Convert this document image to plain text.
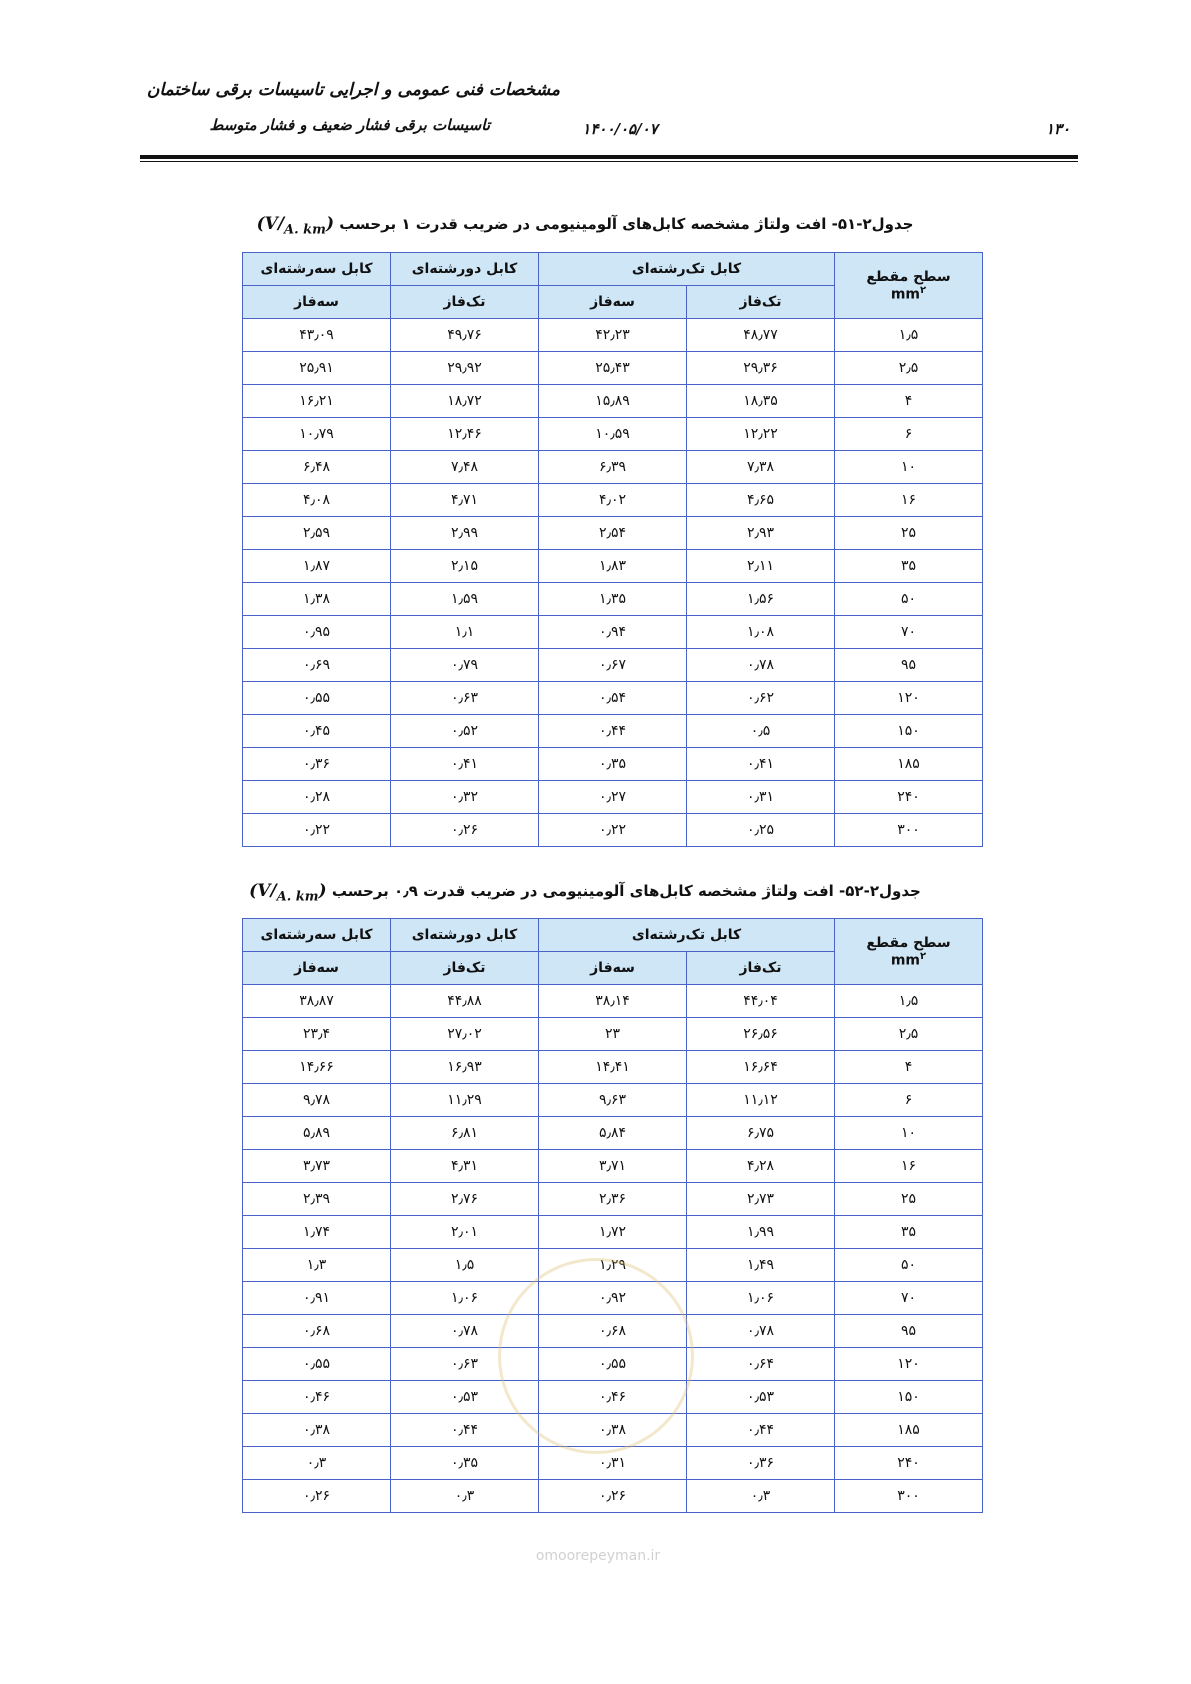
مشخصات فنی عمومی و اجرایی تاسیسات برقی ساختمان
تاسیسات برقی فشار ضعیف و فشار متوسط	۱۴۰۰/۰۵/۰۷	۱۳۰
جدول۲-۵۱- افت ولتاژ مشخصه کابل‌های آلومینیومی در ضریب قدرت ۱ برحسب $(V/_{A. km})$
سطح مقطع
$mm^۲$	کابل تک‌رشته‌ای		کابل دورشته‌ای	کابل سه‌رشته‌ای
	تک‌فاز	سه‌فاز	تک‌فاز	سه‌فاز
۱٫۵	۴۸٫۷۷	۴۲٫۲۳	۴۹٫۷۶	۴۳٫۰۹
۲٫۵	۲۹٫۳۶	۲۵٫۴۳	۲۹٫۹۲	۲۵٫۹۱
۴	۱۸٫۳۵	۱۵٫۸۹	۱۸٫۷۲	۱۶٫۲۱
۶	۱۲٫۲۲	۱۰٫۵۹	۱۲٫۴۶	۱۰٫۷۹
۱۰	۷٫۳۸	۶٫۳۹	۷٫۴۸	۶٫۴۸
۱۶	۴٫۶۵	۴٫۰۲	۴٫۷۱	۴٫۰۸
۲۵	۲٫۹۳	۲٫۵۴	۲٫۹۹	۲٫۵۹
۳۵	۲٫۱۱	۱٫۸۳	۲٫۱۵	۱٫۸۷
۵۰	۱٫۵۶	۱٫۳۵	۱٫۵۹	۱٫۳۸
۷۰	۱٫۰۸	۰٫۹۴	۱٫۱	۰٫۹۵
۹۵	۰٫۷۸	۰٫۶۷	۰٫۷۹	۰٫۶۹
۱۲۰	۰٫۶۲	۰٫۵۴	۰٫۶۳	۰٫۵۵
۱۵۰	۰٫۵	۰٫۴۴	۰٫۵۲	۰٫۴۵
۱۸۵	۰٫۴۱	۰٫۳۵	۰٫۴۱	۰٫۳۶
۲۴۰	۰٫۳۱	۰٫۲۷	۰٫۳۲	۰٫۲۸
۳۰۰	۰٫۲۵	۰٫۲۲	۰٫۲۶	۰٫۲۲
جدول۲-۵۲- افت ولتاژ مشخصه کابل‌های آلومینیومی در ضریب قدرت ۰٫۹ برحسب $(V/_{A. km})$
سطح مقطع
$mm^۲$	کابل تک‌رشته‌ای		کابل دورشته‌ای	کابل سه‌رشته‌ای
	تک‌فاز	سه‌فاز	تک‌فاز	سه‌فاز
۱٫۵	۴۴٫۰۴	۳۸٫۱۴	۴۴٫۸۸	۳۸٫۸۷
۲٫۵	۲۶٫۵۶	۲۳	۲۷٫۰۲	۲۳٫۴
۴	۱۶٫۶۴	۱۴٫۴۱	۱۶٫۹۳	۱۴٫۶۶
۶	۱۱٫۱۲	۹٫۶۳	۱۱٫۲۹	۹٫۷۸
۱۰	۶٫۷۵	۵٫۸۴	۶٫۸۱	۵٫۸۹
۱۶	۴٫۲۸	۳٫۷۱	۴٫۳۱	۳٫۷۳
۲۵	۲٫۷۳	۲٫۳۶	۲٫۷۶	۲٫۳۹
۳۵	۱٫۹۹	۱٫۷۲	۲٫۰۱	۱٫۷۴
۵۰	۱٫۴۹	۱٫۲۹	۱٫۵	۱٫۳
۷۰	۱٫۰۶	۰٫۹۲	۱٫۰۶	۰٫۹۱
۹۵	۰٫۷۸	۰٫۶۸	۰٫۷۸	۰٫۶۸
۱۲۰	۰٫۶۴	۰٫۵۵	۰٫۶۳	۰٫۵۵
۱۵۰	۰٫۵۳	۰٫۴۶	۰٫۵۳	۰٫۴۶
۱۸۵	۰٫۴۴	۰٫۳۸	۰٫۴۴	۰٫۳۸
۲۴۰	۰٫۳۶	۰٫۳۱	۰٫۳۵	۰٫۳
۳۰۰	۰٫۳	۰٫۲۶	۰٫۳	۰٫۲۶
omoorepeyman.ir
